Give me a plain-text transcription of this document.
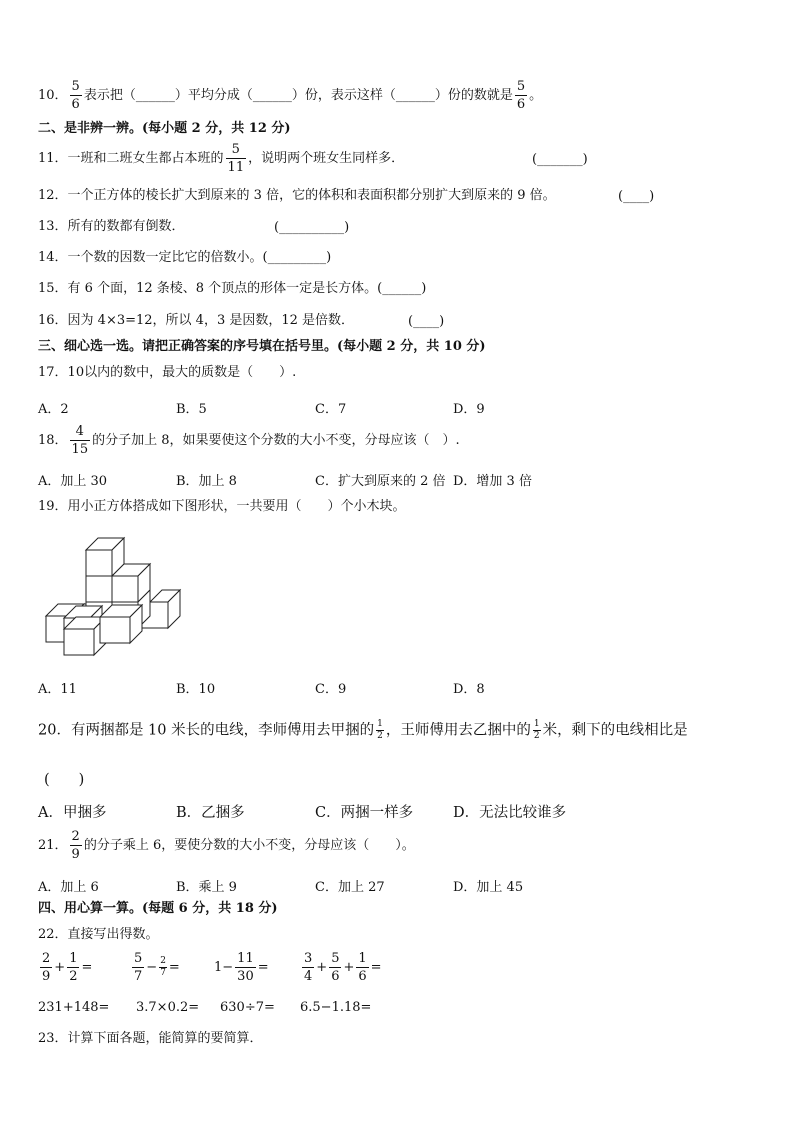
10． $\frac{5}{6}$ 表示把（______）平均分成（______）份，表示这样（______）份的数就是 $\frac{5}{6}$ 。
二、是非辨一辨。(每小题 2 分，共 12 分)
11．一班和二班女生都占本班的 $\frac{5}{11}$ ，说明两个班女生同样多．	(_______)
12．一个正方体的棱长扩大到原来的 3 倍，它的体积和表面积都分别扩大到原来的 9 倍。	(____)
13．所有的数都有倒数．	(__________)
14．一个数的因数一定比它的倍数小。(_________)
15．有 6 个面，12 条棱、8 个顶点的形体一定是长方体。(______)
16．因为 4×3=12，所以 4，3 是因数，12 是倍数．	(____)
三、细心选一选。请把正确答案的序号填在括号里。(每小题 2 分，共 10 分)
17．10以内的数中，最大的质数是（　　）.
A．2	B．5	C．7	D．9
18． $\frac{4}{15}$ 的分子加上 8，如果要使这个分数的大小不变，分母应该（　）.
A．加上 30	B．加上 8	C．扩大到原来的 2 倍 D．增加 3 倍
19．用小正方体搭成如下图形状，一共要用（　　）个小木块。
A．11	B．10	C．9	D．8
20．有两捆都是 10 米长的电线，李师傅用去甲捆的 $\frac{1}{2}$ ，王师傅用去乙捆中的 $\frac{1}{2}$ 米，剩下的电线相比是
(　　)
A．甲捆多	B．乙捆多	C．两捆一样多	D．无法比较谁多
21． $\frac{2}{9}$ 的分子乘上 6，要使分数的大小不变，分母应该（　　）。
A．加上 6	B．乘上 9	C．加上 27	D．加上 45
四、用心算一算。(每题 6 分，共 18 分)
22．直接写出得数。
$\frac{2}{9} + \frac{1}{2}$ =	$\frac{5}{7} - \frac{2}{7}$ =	$1- \frac{11}{30}$ =	$\frac{3}{4} + \frac{5}{6} + \frac{1}{6}$ =
231+148= 3.7×0.2= 630÷7= 6.5−1.18=
23．计算下面各题，能简算的要简算．
